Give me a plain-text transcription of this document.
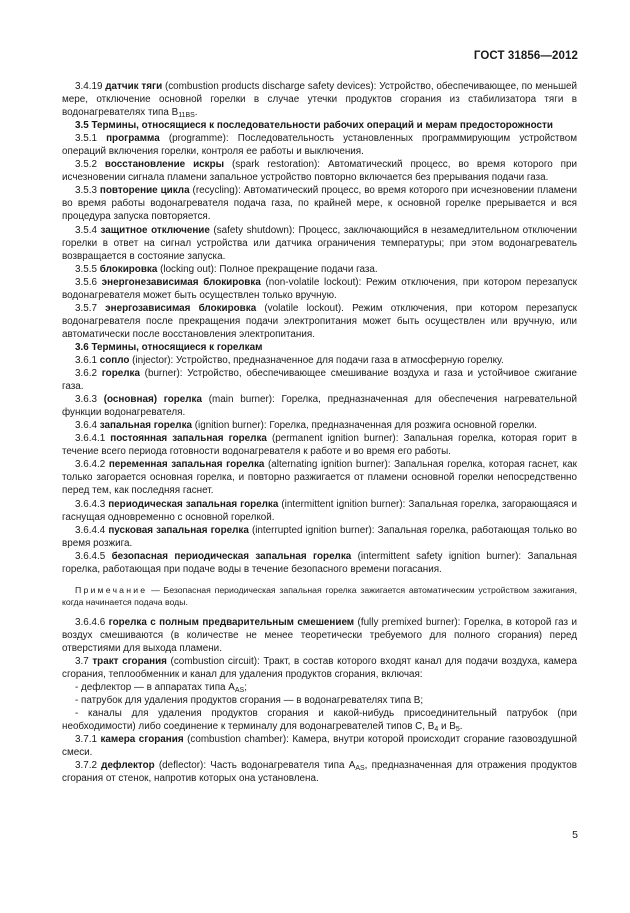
ГОСТ 31856—2012

3.4.19 датчик тяги (combustion products discharge safety devices): Устройство, обеспечивающее, по меньшей мере, отключение основной горелки в случае утечки продуктов сгорания из стабилизатора тяги в водонагревателях типа $B_{11BS}$.

3.5 Термины, относящиеся к последовательности рабочих операций и мерам предосторожности

3.5.1 программа (programme): Последовательность установленных программирующим устройством операций включения горелки, контроля ее работы и выключения.

3.5.2 восстановление искры (spark restoration): Автоматический процесс, во время которого при исчезновении сигнала пламени запальное устройство повторно включается без прерывания подачи газа.

3.5.3 повторение цикла (recycling): Автоматический процесс, во время которого при исчезновении пламени во время работы водонагревателя подача газа, по крайней мере, к основной горелке прерывается и вся процедура запуска повторяется.

3.5.4 защитное отключение (safety shutdown): Процесс, заключающийся в незамедлительном отключении горелки в ответ на сигнал устройства или датчика ограничения температуры; при этом водонагреватель возвращается в состояние запуска.

3.5.5 блокировка (locking out): Полное прекращение подачи газа.

3.5.6 энергонезависимая блокировка (non-volatile lockout): Режим отключения, при котором перезапуск водонагревателя может быть осуществлен только вручную.

3.5.7 энергозависимая блокировка (volatile lockout). Режим отключения, при котором перезапуск водонагревателя после прекращения подачи электропитания может быть осуществлен или вручную, или автоматически после восстановления электропитания.

3.6 Термины, относящиеся к горелкам

3.6.1 сопло (injector): Устройство, предназначенное для подачи газа в атмосферную горелку.

3.6.2 горелка (burner): Устройство, обеспечивающее смешивание воздуха и газа и устойчивое сжигание газа.

3.6.3 (основная) горелка (main burner): Горелка, предназначенная для обеспечения нагревательной функции водонагревателя.

3.6.4 запальная горелка (ignition burner): Горелка, предназначенная для розжига основной горелки.

3.6.4.1 постоянная запальная горелка (permanent ignition burner): Запальная горелка, которая горит в течение всего периода готовности водонагревателя к работе и во время его работы.

3.6.4.2 переменная запальная горелка (alternating ignition burner): Запальная горелка, которая гаснет, как только загорается основная горелка, и повторно разжигается от пламени основной горелки непосредственно перед тем, как последняя гаснет.

3.6.4.3 периодическая запальная горелка (intermittent ignition burner): Запальная горелка, загорающаяся и гаснущая одновременно с основной горелкой.

3.6.4.4 пусковая запальная горелка (interrupted ignition burner): Запальная горелка, работающая только во время розжига.

3.6.4.5 безопасная периодическая запальная горелка (intermittent safety ignition burner): Запальная горелка, работающая при подаче воды в течение безопасного времени погасания.

Примечание — Безопасная периодическая запальная горелка зажигается автоматическим устройством зажигания, когда начинается подача воды.

3.6.4.6 горелка с полным предварительным смешением (fully premixed burner): Горелка, в которой газ и воздух смешиваются (в количестве не менее теоретически требуемого для полного сгорания) перед отверстиями для выхода пламени.

3.7 тракт сгорания (combustion circuit): Тракт, в состав которого входят канал для подачи воздуха, камера сгорания, теплообменник и канал для удаления продуктов сгорания, включая:

- дефлектор — в аппаратах типа $A_{AS}$;

- патрубок для удаления продуктов сгорания — в водонагревателях типа B;

- каналы для удаления продуктов сгорания и какой-нибудь присоединительный патрубок (при необходимости) либо соединение к терминалу для водонагревателей типов C, $B_4$ и $B_5$.

3.7.1 камера сгорания (combustion chamber): Камера, внутри которой происходит сгорание газовоздушной смеси.

3.7.2 дефлектор (deflector): Часть водонагревателя типа $A_{AS}$, предназначенная для отражения продуктов сгорания от стенок, напротив которых она установлена.

5
